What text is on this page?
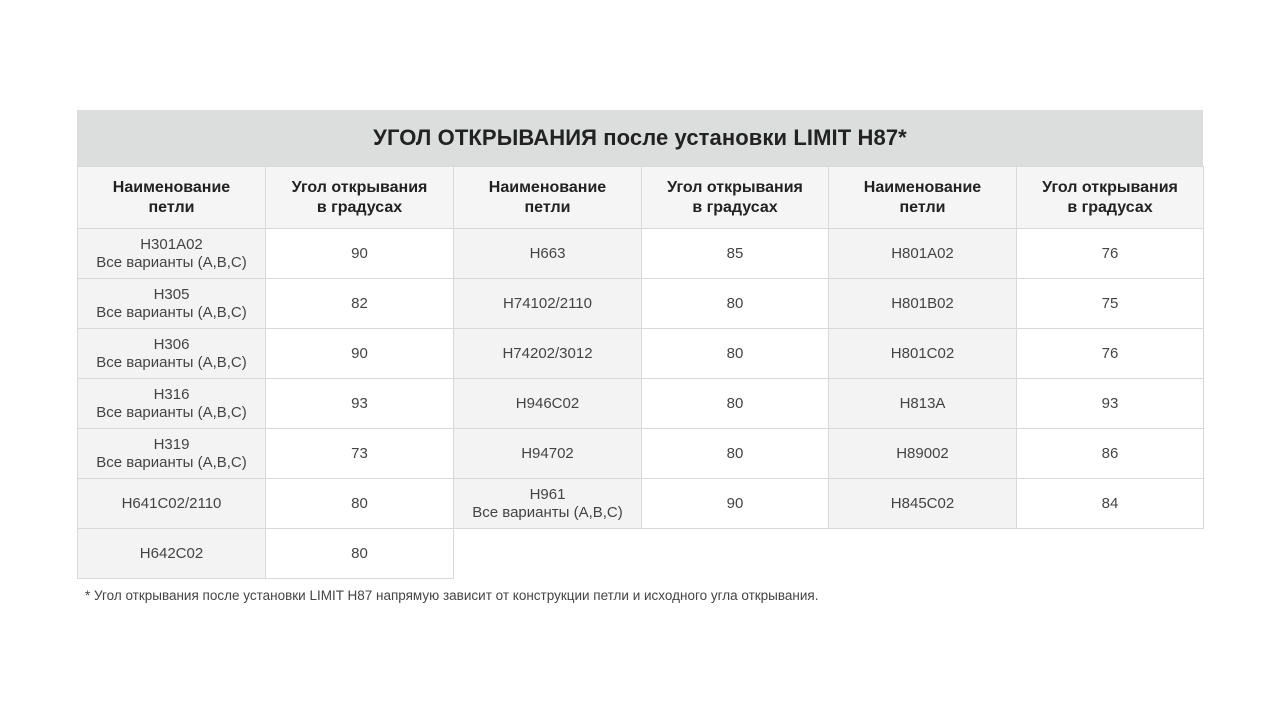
УГОЛ ОТКРЫВАНИЯ после установки LIMIT H87*
Наименование
петли	Угол открывания
в градусах	Наименование
петли	Угол открывания
в градусах	Наименование
петли	Угол открывания
в градусах

H301A02
Все варианты (A,B,C)	90	H663	85	H801A02	76

H305
Все варианты (A,B,C)	82	H74102/2110	80	H801B02	75

H306
Все варианты (A,B,C)	90	H74202/3012	80	H801C02	76

H316
Все варианты (A,B,C)	93	H946C02	80	H813A	93

H319
Все варианты (A,B,C)	73	H94702	80	H89002	86

H641C02/2110	80	H961
Все варианты (A,B,C)	90	H845C02	84

H642C02	80				
* Угол открывания после установки LIMIT H87 напрямую зависит от конструкции петли и исходного угла открывания.
